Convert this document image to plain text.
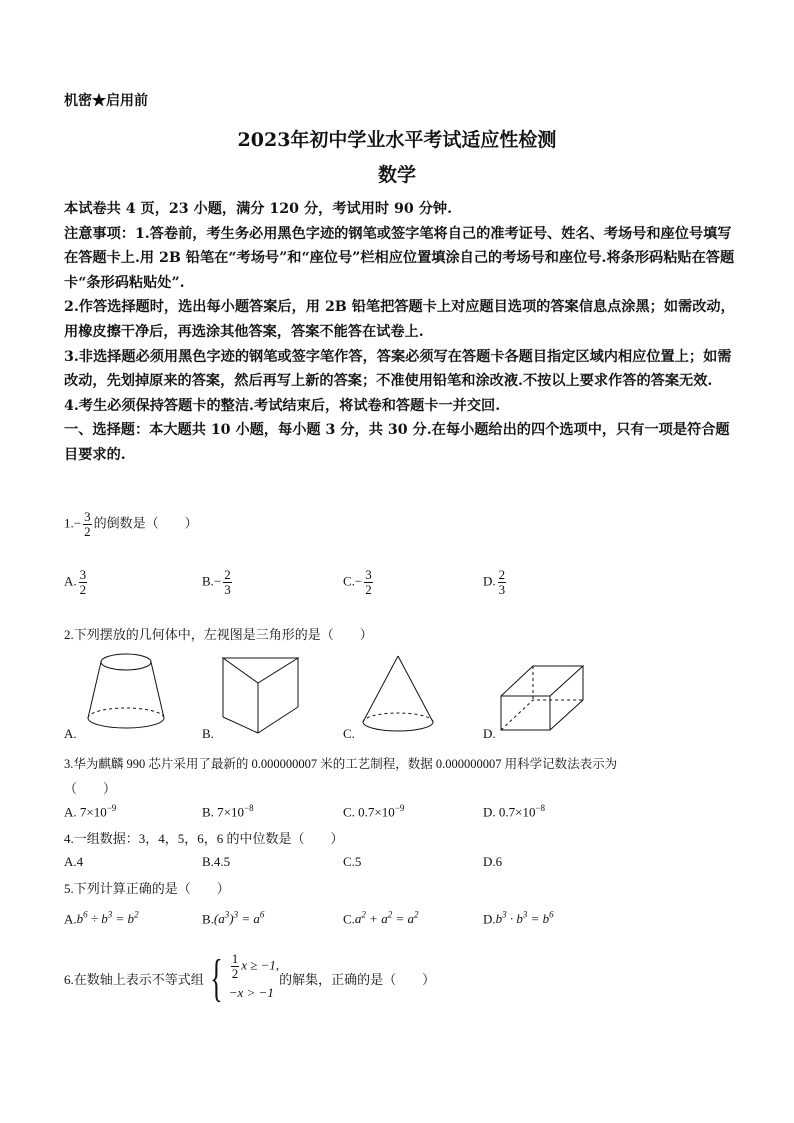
机密★启用前
2023年初中学业水平考试适应性检测
数学

本试卷共 4 页，23 小题，满分 120 分，考试用时 90 分钟.

注意事项：1.答卷前，考生务必用黑色字迹的钢笔或签字笔将自己的准考证号、姓名、考场号和座位号填写在答题卡上.用 2B 铅笔在“考场号”和“座位号”栏相应位置填涂自己的考场号和座位号.将条形码粘贴在答题卡“条形码粘贴处”.

2.作答选择题时，选出每小题答案后，用 2B 铅笔把答题卡上对应题目选项的答案信息点涂黑；如需改动，用橡皮擦干净后，再选涂其他答案，答案不能答在试卷上.

3.非选择题必须用黑色字迹的钢笔或签字笔作答，答案必须写在答题卡各题目指定区域内相应位置上；如需改动，先划掉原来的答案，然后再写上新的答案；不准使用铅笔和涂改液.不按以上要求作答的答案无效.

4.考生必须保持答题卡的整洁.考试结束后，将试卷和答题卡一并交回.

一、选择题：本大题共 10 小题，每小题 3 分，共 30 分.在每小题给出的四个选项中，只有一项是符合题目要求的.

$1.- \frac{3}{2}$ 的倒数是（　　）
A. $\frac{3}{2}$	$B.- \frac{2}{3}$	$C.- \frac{3}{2}$	D. $\frac{2}{3}$
2.下列摆放的几何体中，左视图是三角形的是（　　）
A.	B.	C.	D.
3.华为麒麟 990 芯片采用了最新的 0.000000007 米的工艺制程，数据 0.000000007 用科学记数法表示为
（　　）
A. $7\times 10^{-9}$	B. $7\times 10^{-8}$	C. $0.7\times 10^{-9}$	D. $0.7\times 10^{-8}$
4.一组数据：3，4，5，6，6 的中位数是（　　）
A.4	B.4.5	C.5	D.6
5.下列计算正确的是（　　）
$A.b^6 \div b^3 = b^2$	$B.(a^3)^3 = a^6$	$C.a^2 + a^2 = a^2$	$D.b^3 \cdot b^3 = b^6$
6.在数轴上表示不等式组 { $\frac{1}{2}$ x ≥ −1,
−x > −1
的解集，正确的是（　　）
